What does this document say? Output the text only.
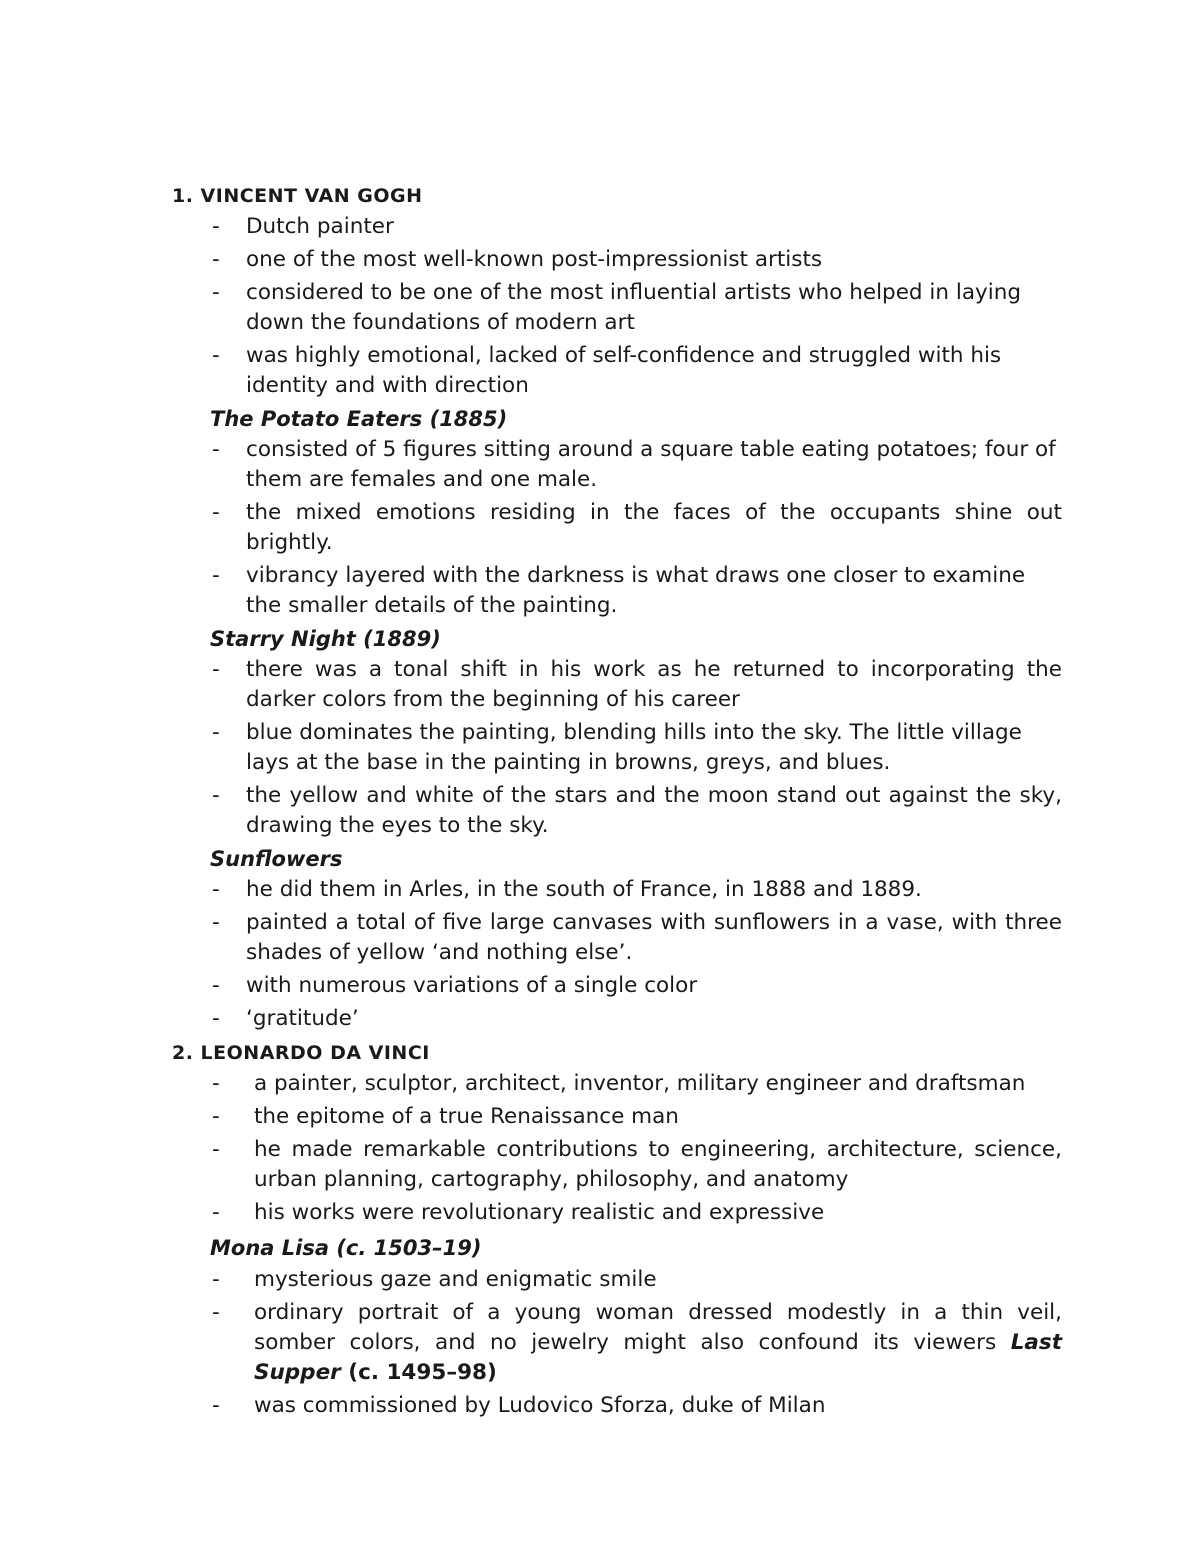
1. VINCENT VAN GOGH
- Dutch painter
- one of the most well-known post-impressionist artists
- considered to be one of the most influential artists who helped in laying down the foundations of modern art
- was highly emotional, lacked of self-confidence and struggled with his identity and with direction
The Potato Eaters (1885)
- consisted of 5 figures sitting around a square table eating potatoes; four of them are females and one male.
- the mixed emotions residing in the faces of the occupants shine out brightly.
- vibrancy layered with the darkness is what draws one closer to examine the smaller details of the painting.
Starry Night (1889)
- there was a tonal shift in his work as he returned to incorporating the darker colors from the beginning of his career
- blue dominates the painting, blending hills into the sky. The little village lays at the base in the painting in browns, greys, and blues.
- the yellow and white of the stars and the moon stand out against the sky, drawing the eyes to the sky.
Sunflowers
- he did them in Arles, in the south of France, in 1888 and 1889.
- painted a total of five large canvases with sunflowers in a vase, with three shades of yellow ‘and nothing else’.
- with numerous variations of a single color
- ‘gratitude’
2. LEONARDO DA VINCI
- a painter, sculptor, architect, inventor, military engineer and draftsman
- the epitome of a true Renaissance man
- he made remarkable contributions to engineering, architecture, science, urban planning, cartography, philosophy, and anatomy
- his works were revolutionary realistic and expressive
Mona Lisa (c. 1503–19)
- mysterious gaze and enigmatic smile
- ordinary portrait of a young woman dressed modestly in a thin veil, somber colors, and no jewelry might also confound its viewers Last Supper (c. 1495–98)
- was commissioned by Ludovico Sforza, duke of Milan
